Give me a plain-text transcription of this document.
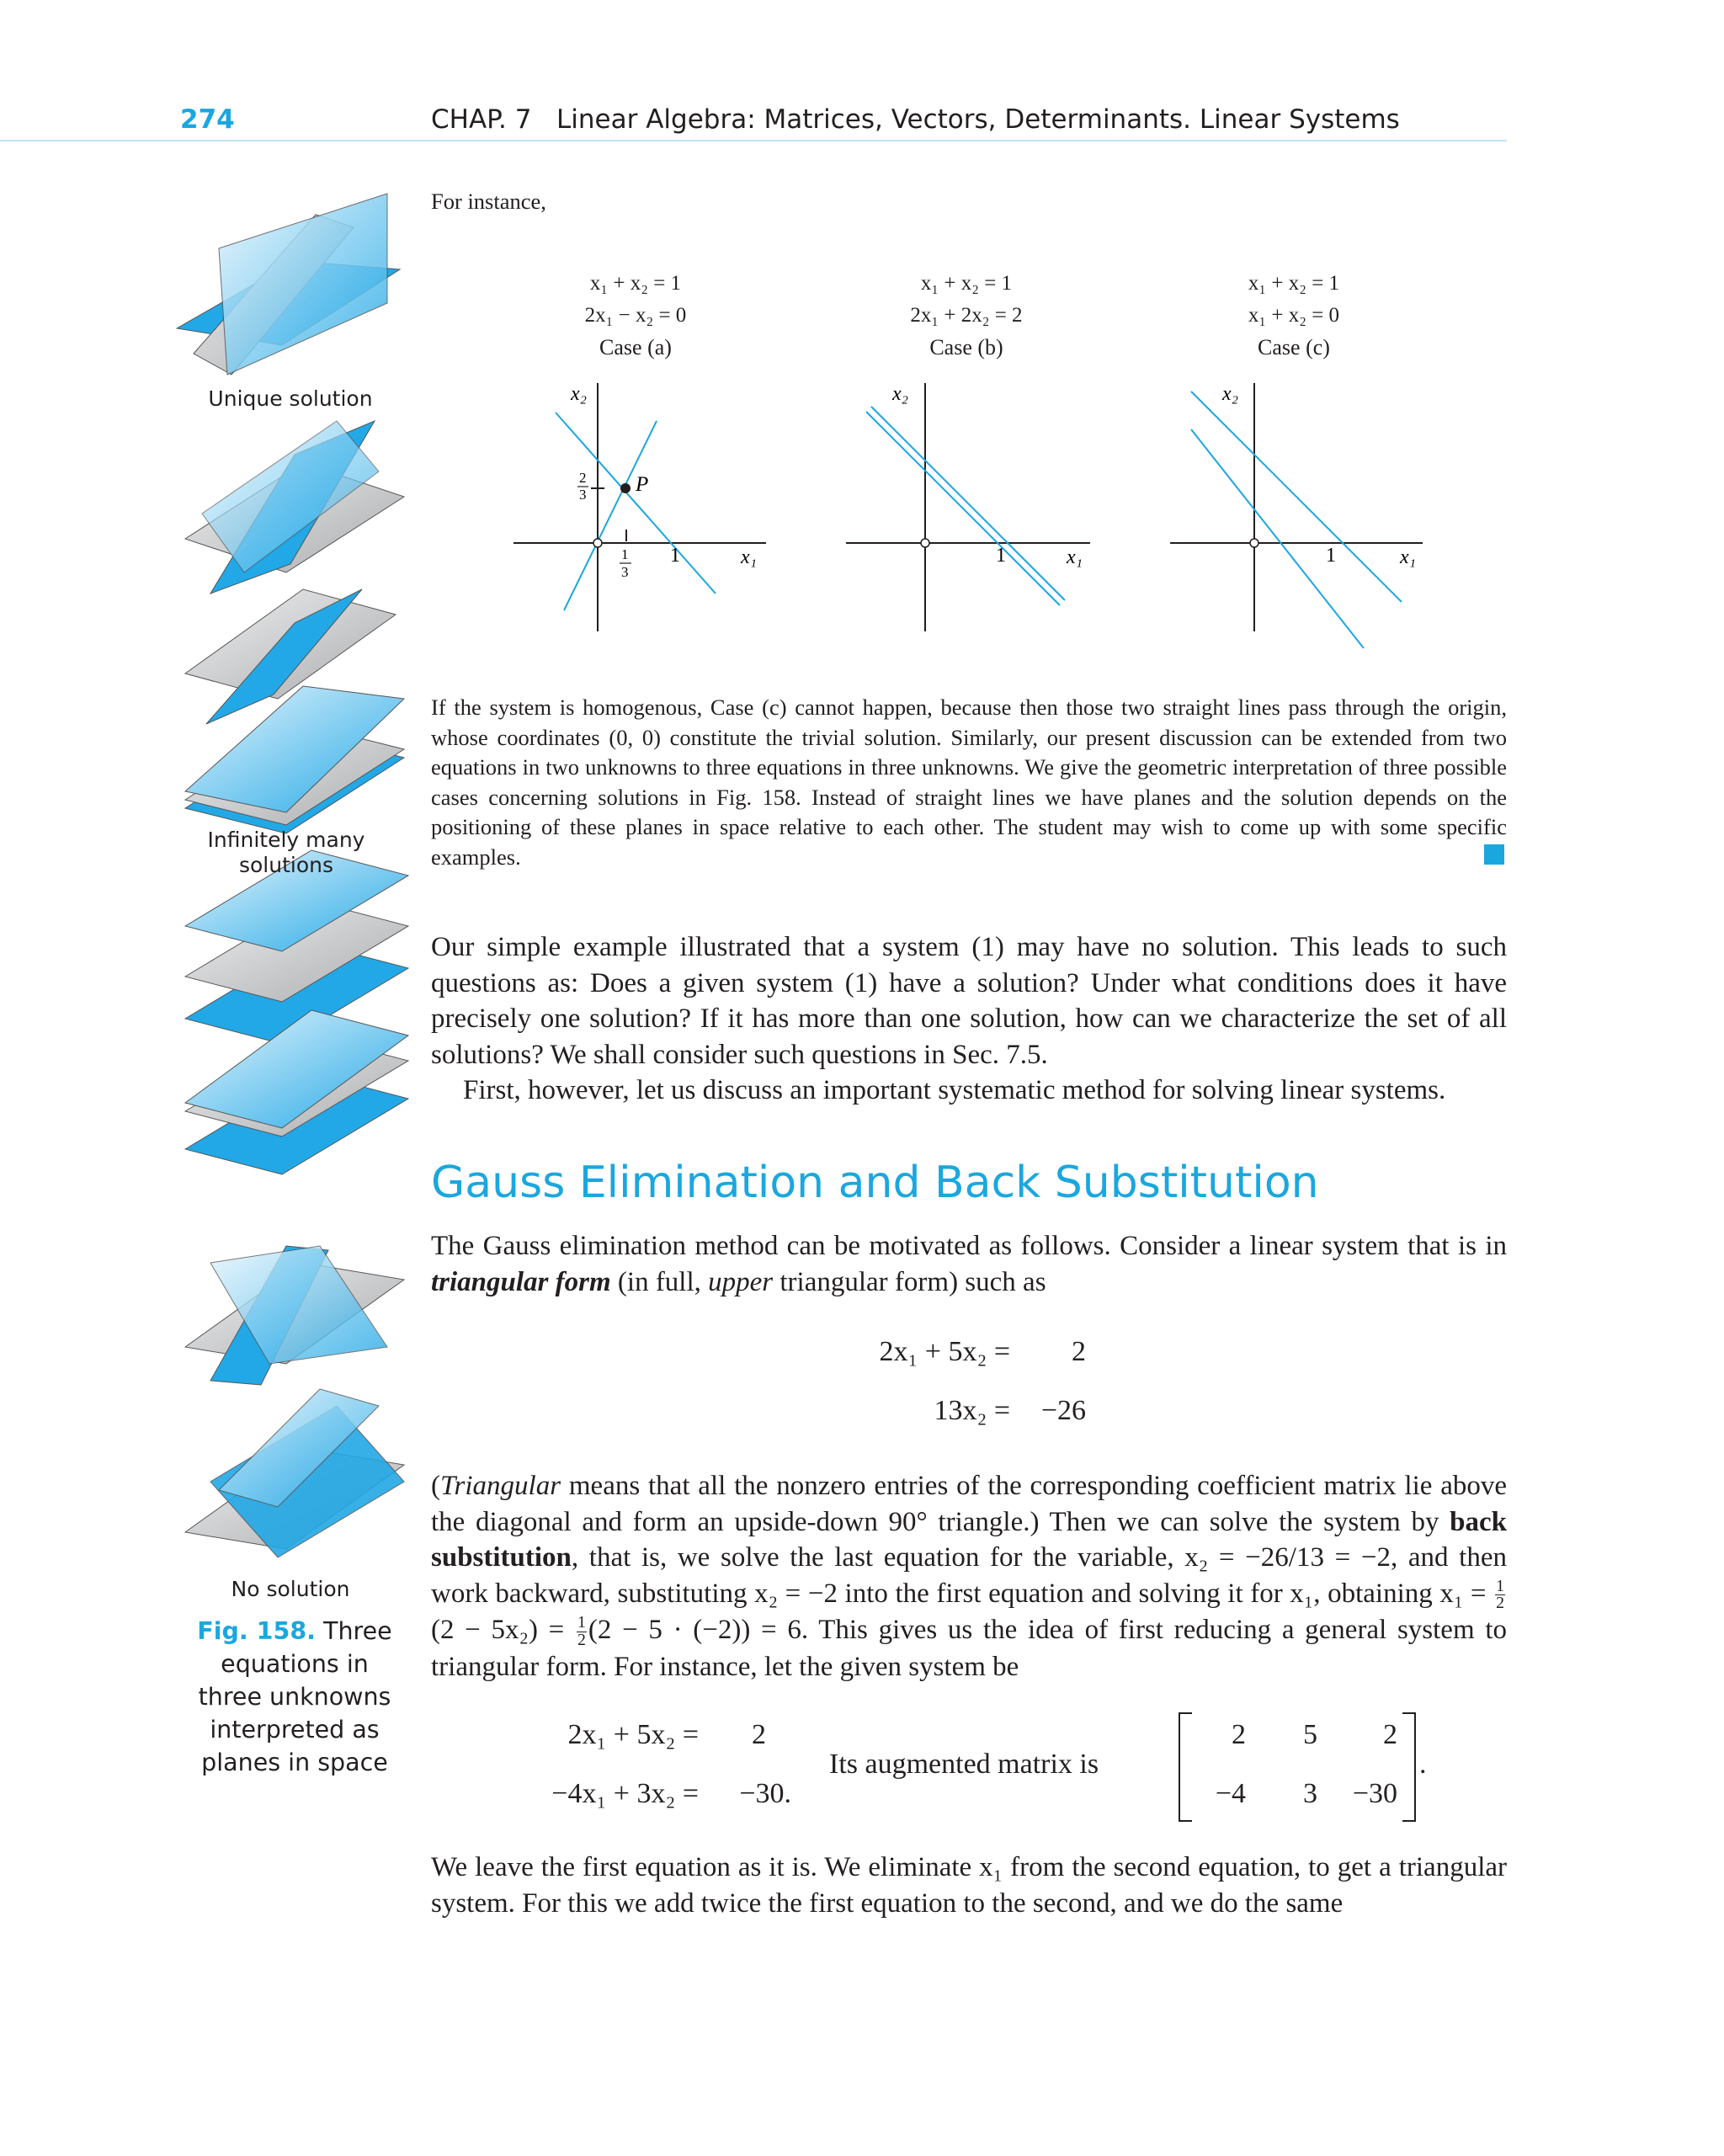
274	CHAP. 7   Linear Algebra: Matrices, Vectors, Determinants. Linear Systems
For instance,
x₁ + x₂ = 1
2x₁ − x₂ = 0
Case (a)
x₁ + x₂ = 1
2x₁ + 2x₂ = 2
Case (b)
x₁ + x₂ = 1
x₁ + x₂ = 0
Case (c)
x₂
P
2
3
1
3
1	x₁
x₂
1	x₁
x₂
1	x₁

If the system is homogenous, Case (c) cannot happen, because then those two straight lines pass through the origin, whose coordinates (0, 0) constitute the trivial solution. Similarly, our present discussion can be extended from two equations in two unknowns to three equations in three unknowns. We give the geometric interpretation of three possible cases concerning solutions in Fig. 158. Instead of straight lines we have planes and the solution depends on the positioning of these planes in space relative to each other. The student may wish to come up with some specific examples.

Our simple example illustrated that a system (1) may have no solution. This leads to such questions as: Does a given system (1) have a solution? Under what conditions does it have precisely one solution? If it has more than one solution, how can we characterize the set of all solutions? We shall consider such questions in Sec. 7.5.

First, however, let us discuss an important systematic method for solving linear systems.

Gauss Elimination and Back Substitution

The Gauss elimination method can be motivated as follows. Consider a linear system that is in triangular form (in full, upper triangular form) such as

2x₁ + 5x₂ =	2
13x₂ =	−26

(Triangular means that all the nonzero entries of the corresponding coefficient matrix lie above the diagonal and form an upside-down 90° triangle.) Then we can solve the system by back substitution, that is, we solve the last equation for the variable, x₂ = −26/13 = −2, and then work backward, substituting x₂ = −2 into the first equation and solving it for x₁, obtaining $x_1 = \frac{1}{2}$
$(2 - 5x_2) = \frac{1}{2} (2 - 5 \cdot (-2)) = 6$. This gives us the idea of first reducing a general system to triangular form. For instance, let the given system be

2x₁ + 5x₂ =	2
−4x₁ + 3x₂ =	−30.
Its augmented matrix is
2	5	2
−4	3	−30
.

We leave the first equation as it is. We eliminate x₁ from the second equation, to get a triangular system. For this we add twice the first equation to the second, and we do the same

Unique solution
Infinitely many solutions
No solution
Fig. 158. Three equations in three unknowns interpreted as planes in space
